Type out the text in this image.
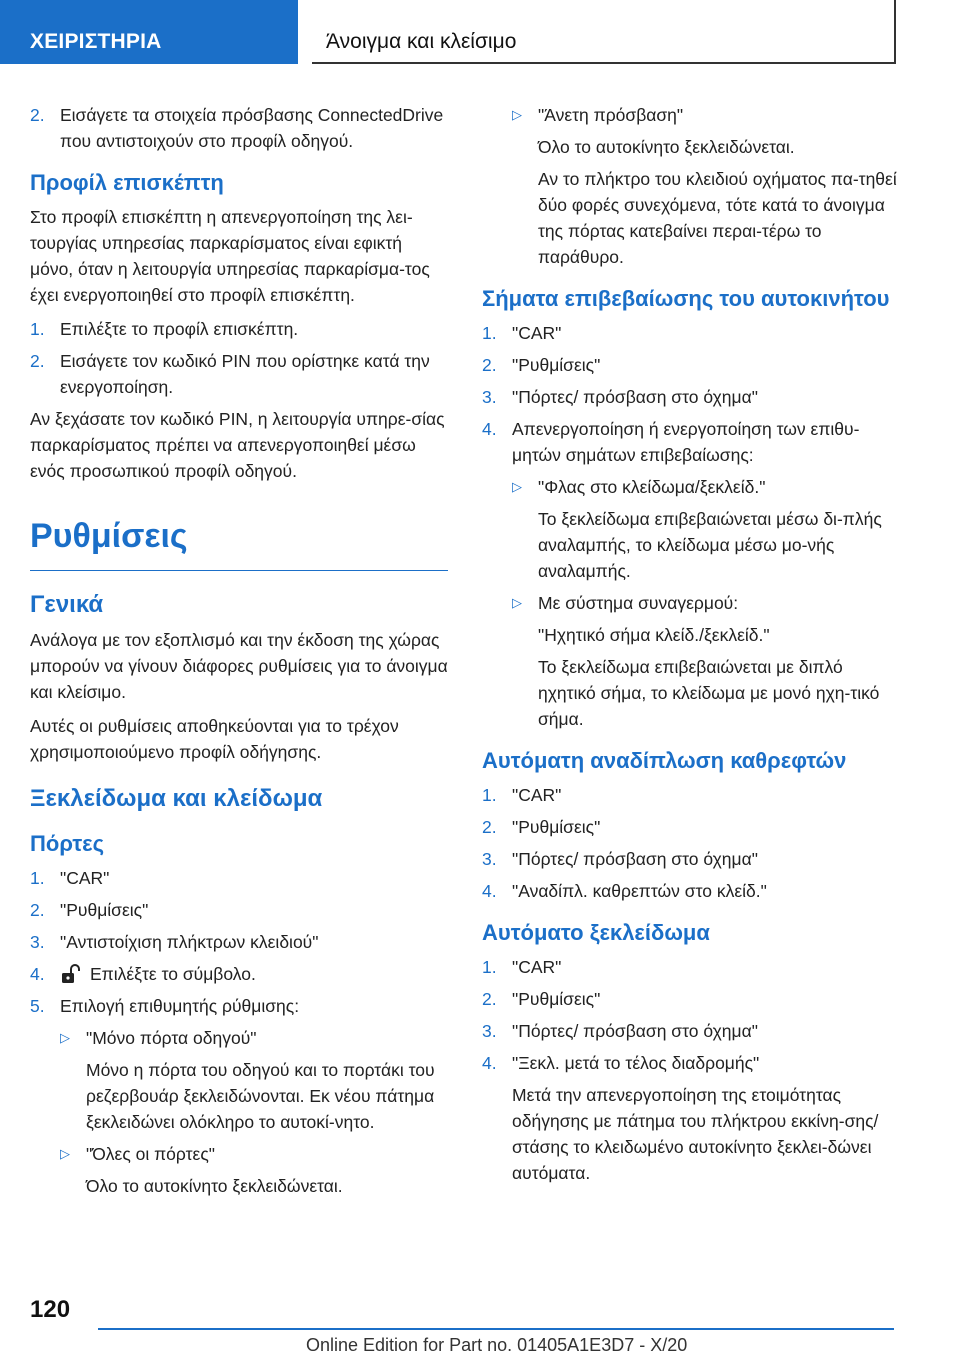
ΧΕΙΡΙΣΤΗΡΙΑ	Άνοιγμα και κλείσιμο
2. Εισάγετε τα στοιχεία πρόσβασης ConnectedDrive που αντιστοιχούν στο προφίλ οδηγού.
Προφίλ επισκέπτη

Στο προφίλ επισκέπτη η απενεργοποίηση της λει-τουργίας υπηρεσίας παρκαρίσματος είναι εφικτή μόνο, όταν η λειτουργία υπηρεσίας παρκαρίσμα-τος έχει ενεργοποιηθεί στο προφίλ επισκέπτη.

1. Επιλέξτε το προφίλ επισκέπτη.
2. Εισάγετε τον κωδικό PIN που ορίστηκε κατά την ενεργοποίηση.

Αν ξεχάσατε τον κωδικό PIN, η λειτουργία υπηρε-σίας παρκαρίσματος πρέπει να απενεργοποιηθεί μέσω ενός προσωπικού προφίλ οδηγού.

Ρυθμίσεις
Γενικά

Ανάλογα με τον εξοπλισμό και την έκδοση της χώρας μπορούν να γίνουν διάφορες ρυθμίσεις για το άνοιγμα και κλείσιμο.

Αυτές οι ρυθμίσεις αποθηκεύονται για το τρέχον χρησιμοποιούμενο προφίλ οδήγησης.

Ξεκλείδωμα και κλείδωμα
Πόρτες
1. "CAR"
2. "Ρυθμίσεις"
3. "Αντιστοίχιση πλήκτρων κλειδιού"
4.	Επιλέξτε το σύμβολο.
5. Επιλογή επιθυμητής ρύθμισης:
▷ "Μόνο πόρτα οδηγού"
Μόνο η πόρτα του οδηγού και το πορτάκι του ρεζερβουάρ ξεκλειδώνονται. Εκ νέου πάτημα ξεκλειδώνει ολόκληρο το αυτοκί-νητο.
▷ "Όλες οι πόρτες"
Όλο το αυτοκίνητο ξεκλειδώνεται.
▷ "Άνετη πρόσβαση"
Όλο το αυτοκίνητο ξεκλειδώνεται.
Αν το πλήκτρο του κλειδιού οχήματος πα-τηθεί δύο φορές συνεχόμενα, τότε κατά το άνοιγμα της πόρτας κατεβαίνει περαι-τέρω το παράθυρο.
Σήματα επιβεβαίωσης του αυτοκινήτου
1. "CAR"
2. "Ρυθμίσεις"
3. "Πόρτες/ πρόσβαση στο όχημα"
4. Απενεργοποίηση ή ενεργοποίηση των επιθυ-μητών σημάτων επιβεβαίωσης:
▷ "Φλας στο κλείδωμα/ξεκλείδ."
Το ξεκλείδωμα επιβεβαιώνεται μέσω δι-πλής αναλαμπής, το κλείδωμα μέσω μο-νής αναλαμπής.
▷ Με σύστημα συναγερμού:
"Ηχητικό σήμα κλείδ./ξεκλείδ."
Το ξεκλείδωμα επιβεβαιώνεται με διπλό ηχητικό σήμα, το κλείδωμα με μονό ηχη-τικό σήμα.
Αυτόματη αναδίπλωση καθρεφτών
1. "CAR"
2. "Ρυθμίσεις"
3. "Πόρτες/ πρόσβαση στο όχημα"
4. "Αναδίπλ. καθρεπτών στο κλείδ."
Αυτόματο ξεκλείδωμα
1. "CAR"
2. "Ρυθμίσεις"
3. "Πόρτες/ πρόσβαση στο όχημα"
4. "Ξεκλ. μετά το τέλος διαδρομής"
Μετά την απενεργοποίηση της ετοιμότητας οδήγησης με πάτημα του πλήκτρου εκκίνη-σης/στάσης το κλειδωμένο αυτοκίνητο ξεκλει-δώνει αυτόματα.
120
Online Edition for Part no. 01405A1E3D7 - X/20
